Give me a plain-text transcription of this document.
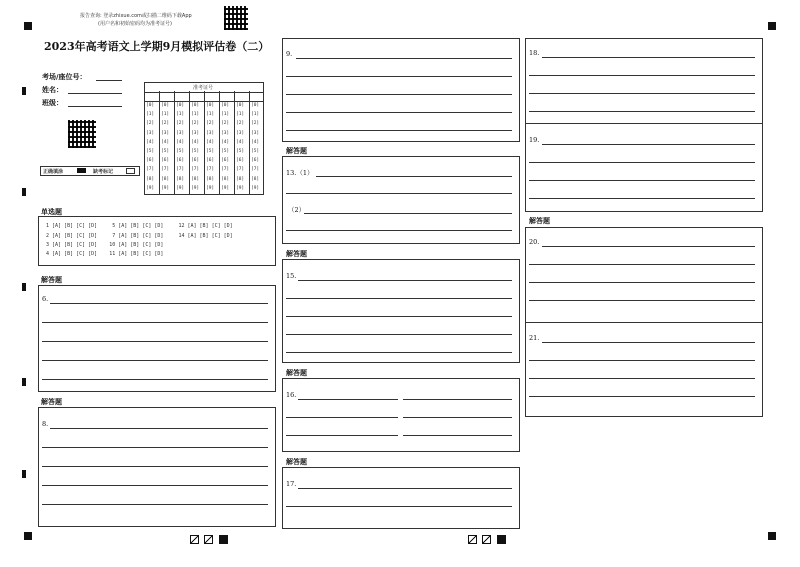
报告查询: 登录zhixue.com或扫描二维码下载App
(用户名和初始密码均为准考证号)
2023年高考语文上学期9月模拟评估卷（二）
考场/座位号：
姓名：
班级：
正确填涂	缺考标记
准考证号
[0]
[1]
[2]
[3]
[4]
[5]
[6]
[7]
[8]
[9]
[0]
[1]
[2]
[3]
[4]
[5]
[6]
[7]
[8]
[9]
[0]
[1]
[2]
[3]
[4]
[5]
[6]
[7]
[8]
[9]
[0]
[1]
[2]
[3]
[4]
[5]
[6]
[7]
[8]
[9]
[0]
[1]
[2]
[3]
[4]
[5]
[6]
[7]
[8]
[9]
[0]
[1]
[2]
[3]
[4]
[5]
[6]
[7]
[8]
[9]
[0]
[1]
[2]
[3]
[4]
[5]
[6]
[7]
[8]
[9]
[0]
[1]
[2]
[3]
[4]
[5]
[6]
[7]
[8]
[9]
单选题
1 [A] [B] [C] [D]     5 [A] [B] [C] [D]     12 [A] [B] [C] [D]
2 [A] [B] [C] [D]     7 [A] [B] [C] [D]     14 [A] [B] [C] [D]
3 [A] [B] [C] [D]    10 [A] [B] [C] [D]
4 [A] [B] [C] [D]    11 [A] [B] [C] [D]
解答题
6.
解答题
8.
9.
解答题
13.（1）
（2）
解答题
15.
解答题
16.
解答题
17.
18.
19.
解答题
20.
21.
